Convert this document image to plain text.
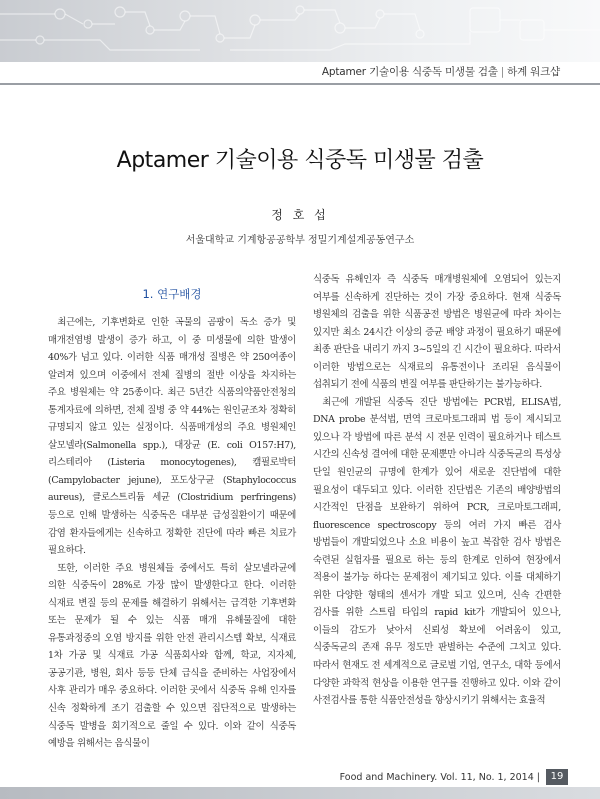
Aptamer 기술이용 식중독 미생물 검출 | 하계 워크샵
Aptamer 기술이용 식중독 미생물 검출
정 호 섭
서울대학교 기계항공공학부 정밀기계설계공동연구소
1. 연구배경

최근에는, 기후변화로 인한 곡물의 곰팡이 독소 증가 및 매개전염병 발생이 증가 하고, 이 중 미생물에 의한 발생이 40%가 넘고 있다. 이러한 식품 매개성 질병은 약 250여종이 알려져 있으며 이중에서 전체 질병의 절반 이상을 차지하는 주요 병원체는 약 25종이다. 최근 5년간 식품의약품안전청의 통계자료에 의하면, 전체 질병 중 약 44%는 원인균조차 정확히 규명되지 않고 있는 실정이다. 식품매개성의 주요 병원체인 살모넬라(Salmonella spp.), 대장균 (E. coli O157:H7), 리스테리아 (Listeria monocytogenes), 캠필로박터 (Campylobacter jejune), 포도상구균 (Staphylococcus aureus), 클로스트리듐 세균 (Clostridium perfringens) 등으로 인해 발생하는 식중독은 대부분 급성질환이기 때문에 감염 환자들에게는 신속하고 정확한 진단에 따라 빠른 치료가 필요하다.

또한, 이러한 주요 병원체들 중에서도 특히 살모넬라균에 의한 식중독이 28%로 가장 많이 발생한다고 한다. 이러한 식재료 변질 등의 문제를 해결하기 위해서는 급격한 기후변화 또는 문제가 될 수 있는 식품 매개 유해물질에 대한 유통과정중의 오염 방지를 위한 안전 관리시스템 확보, 식재료 1차 가공 및 식재료 가공 식품회사와 함께, 학교, 지자체, 공공기관, 병원, 회사 등등 단체 급식을 준비하는 사업장에서 사후 관리가 매우 중요하다. 이러한 곳에서 식중독 유해 인자를 신속 정확하게 조기 검출할 수 있으면 집단적으로 발생하는 식중독 발병을 회기적으로 줄일 수 있다. 이와 같이 식중독 예방을 위해서는 음식물이

식중독 유해인자 즉 식중독 매개병원체에 오염되어 있는지 여부를 신속하게 진단하는 것이 가장 중요하다. 현재 식중독 병원체의 검출을 위한 식품공전 방법은 병원균에 따라 차이는 있지만 최소 24시간 이상의 증균 배양 과정이 필요하기 때문에 최종 판단을 내리기 까지 3~5일의 긴 시간이 필요하다. 따라서 이러한 방법으로는 식재료의 유통전이나 조리된 음식물이 섭취되기 전에 식품의 변질 여부를 판단하기는 불가능하다.

최근에 개발된 식중독 진단 방법에는 PCR법, ELISA법, DNA probe 분석법, 면역 크로마토그래피 법 등이 제시되고 있으나 각 방법에 따른 분석 시 전문 인력이 필요하거나 테스트 시간의 신속성 결여에 대한 문제뿐만 아니라 식중독균의 특성상 단일 원인균의 규명에 한계가 있어 새로운 진단법에 대한 필요성이 대두되고 있다. 이러한 진단법은 기존의 배양방법의 시간적인 단점을 보완하기 위하여 PCR, 크로마토그래피, fluorescence spectroscopy 등의 여러 가지 빠른 검사 방법들이 개발되었으나 소요 비용이 높고 복잡한 검사 방법은 숙련된 실험자를 필요로 하는 등의 한계로 인하여 현장에서 적용이 불가능 하다는 문제점이 제기되고 있다. 이를 대체하기 위한 다양한 형태의 센서가 개발 되고 있으며, 신속 간편한 검사를 위한 스트립 타입의 rapid kit가 개발되어 있으나, 이들의 감도가 낮아서 신뢰성 확보에 어려움이 있고, 식중독균의 존재 유무 정도만 판별하는 수준에 그치고 있다. 따라서 현재도 전 세계적으로 글로벌 기업, 연구소, 대학 등에서 다양한 과학적 현상을 이용한 연구를 진행하고 있다. 이와 같이 사전검사를 통한 식품안전성을 향상시키기 위해서는 효율적

Food and Machinery. Vol. 11, No. 1, 2014 |	19
